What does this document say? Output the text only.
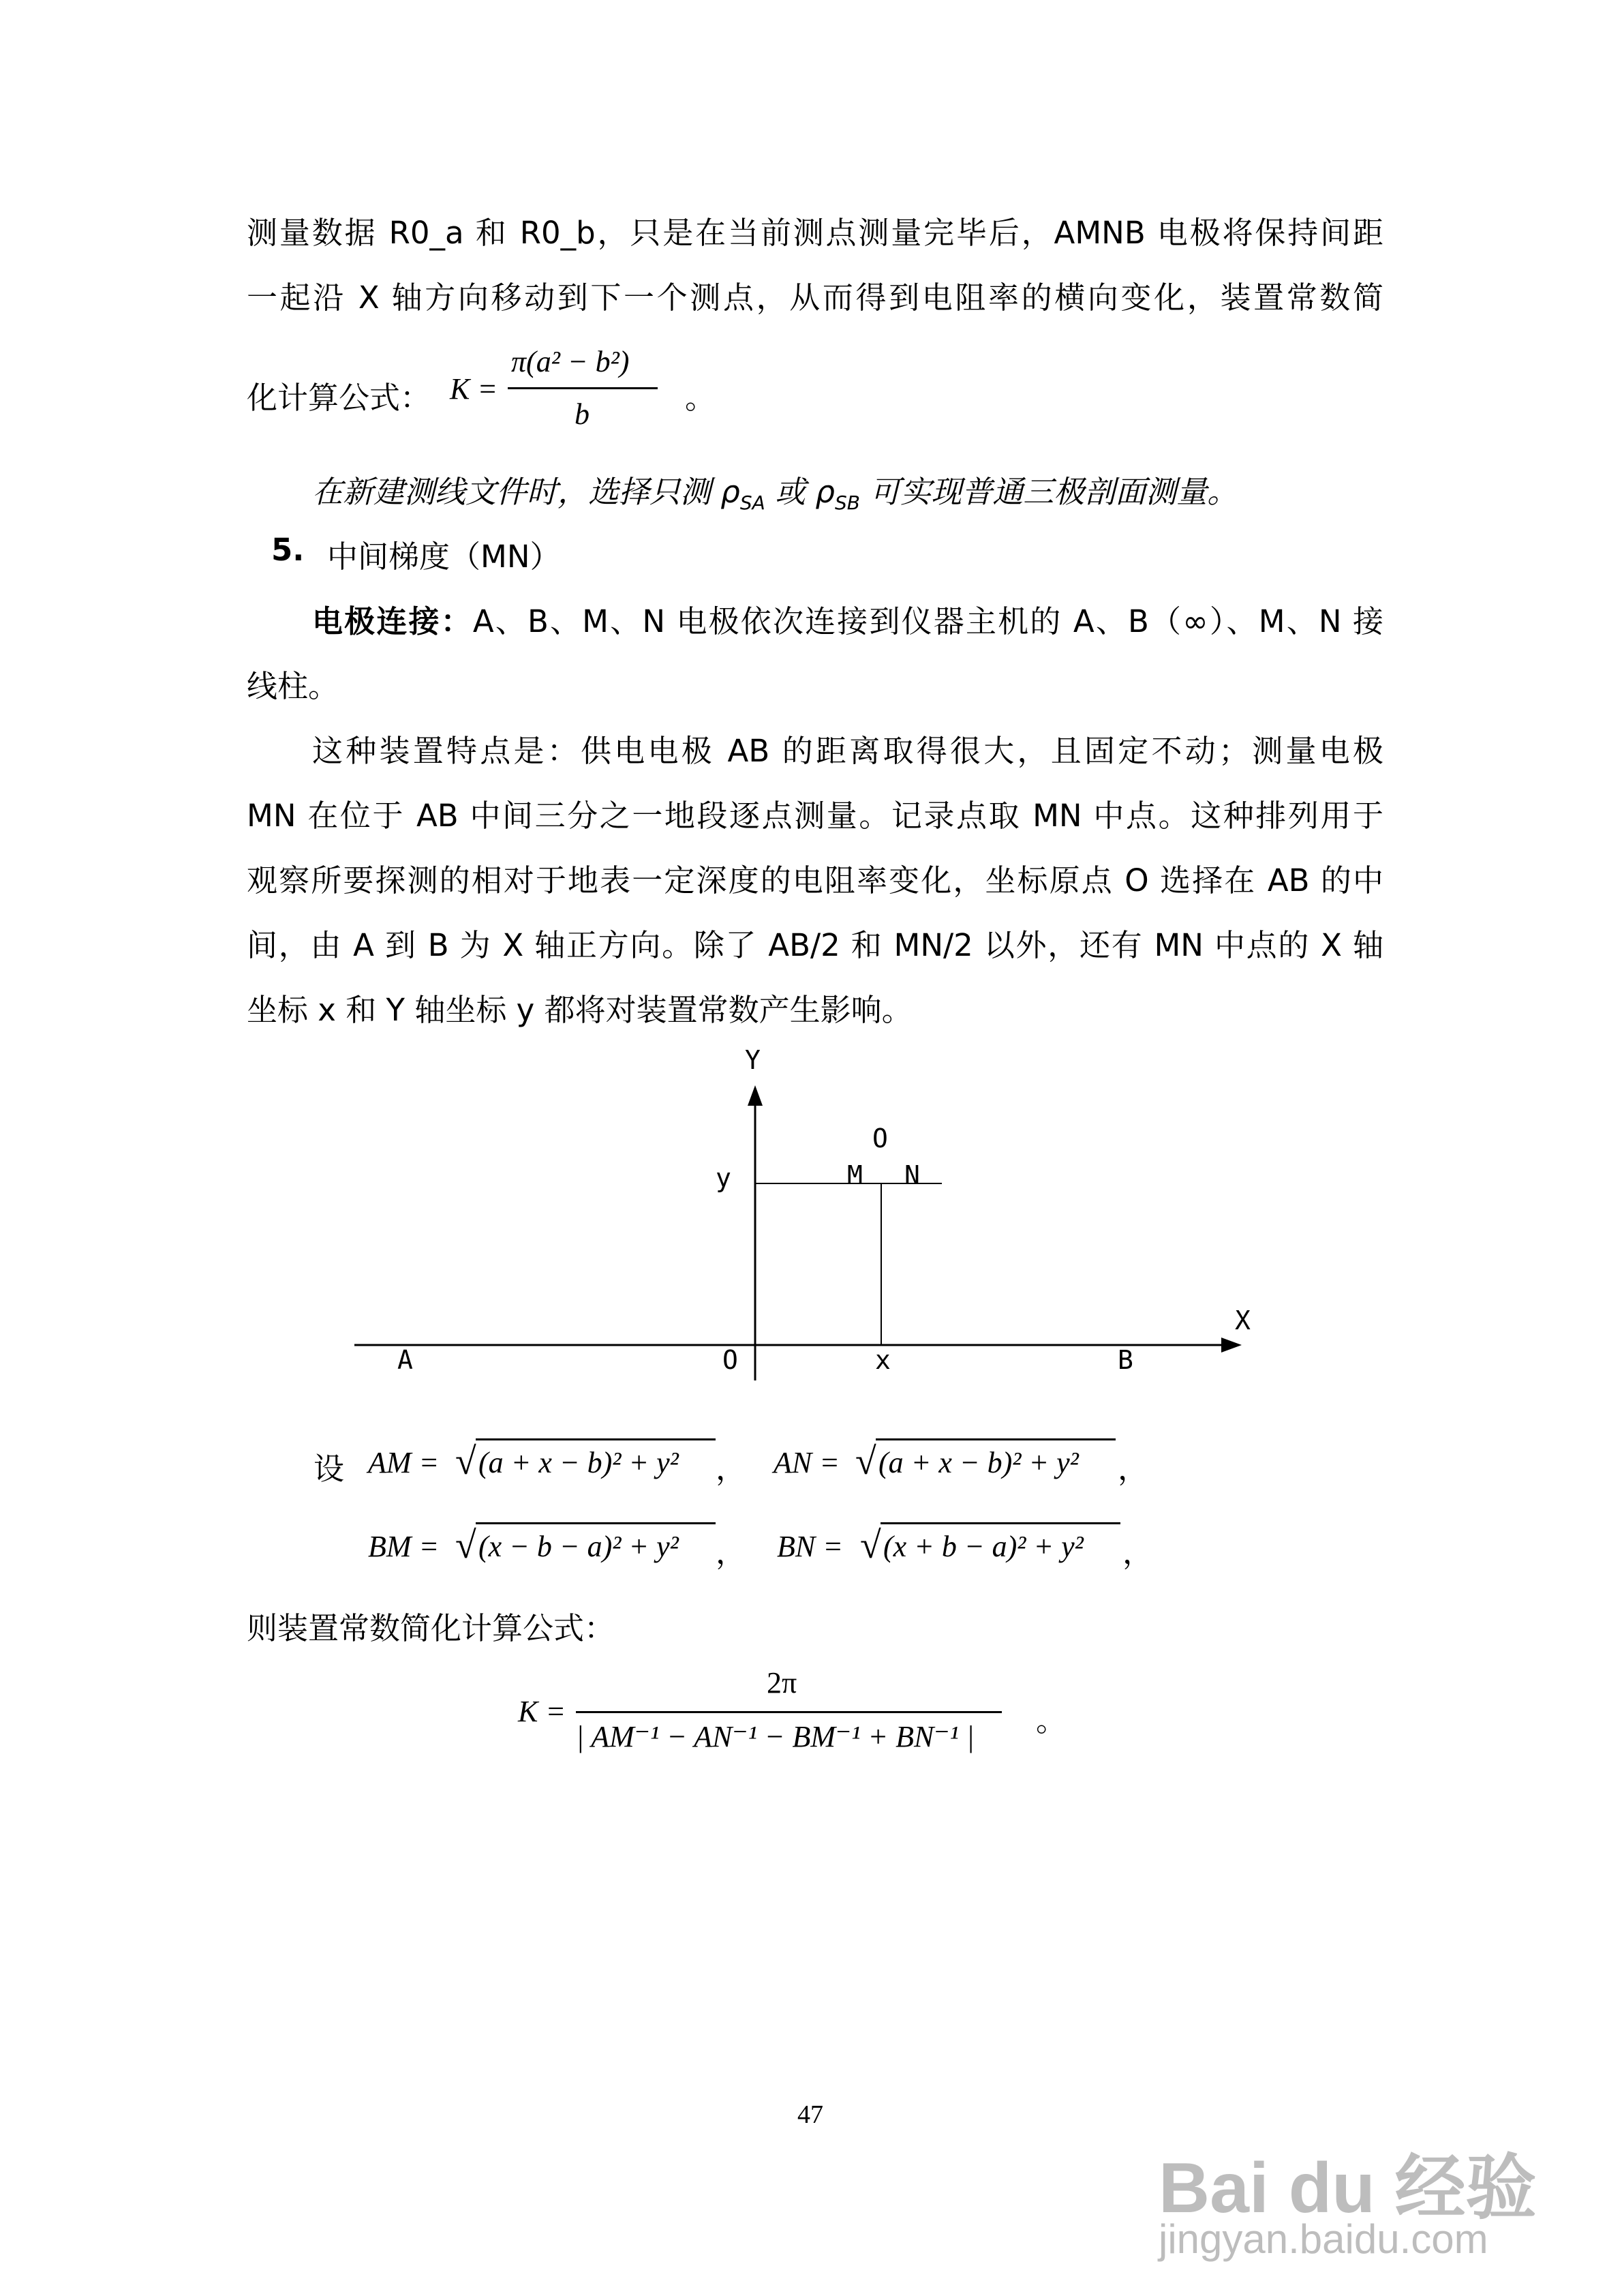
测量数据 R0_a 和 R0_b，只是在当前测点测量完毕后，AMNB 电极将保持间距
一起沿 X 轴方向移动到下一个测点，从而得到电阻率的横向变化，装置常数简
化计算公式： K =
π(a² − b²)
b	。
在新建测线文件时，选择只测 $\rho_{SA}$ 或 $\rho_{SB}$ 可实现普通三极剖面测量。
5. 中间梯度（MN）
电极连接：A、B、M、N 电极依次连接到仪器主机的 A、B（∞）、M、N 接
线柱。
这种装置特点是：供电电极 AB 的距离取得很大，且固定不动；测量电极
MN 在位于 AB 中间三分之一地段逐点测量。记录点取 MN 中点。这种排列用于
观察所要探测的相对于地表一定深度的电阻率变化，坐标原点 O 选择在 AB 的中
间，由 A 到 B 为 X 轴正方向。除了 AB/2 和 MN/2 以外，还有 MN 中点的 X 轴
坐标 x 和 Y 轴坐标 y 都将对装置常数产生影响。
Y
O
y	M N
X
A	O	x	B
设 AM = √ (a + x − b)² + y² ， AN = √ (a + x − b)² + y² ，
BM = √ (x − b − a)² + y² ， BN = √ (x + b − a)² + y² ，
则装置常数简化计算公式：
K =
2π
| AM⁻¹ − AN⁻¹ − BM⁻¹ + BN⁻¹ | 。
47
Bai du 经验
jingyan.baidu.com
